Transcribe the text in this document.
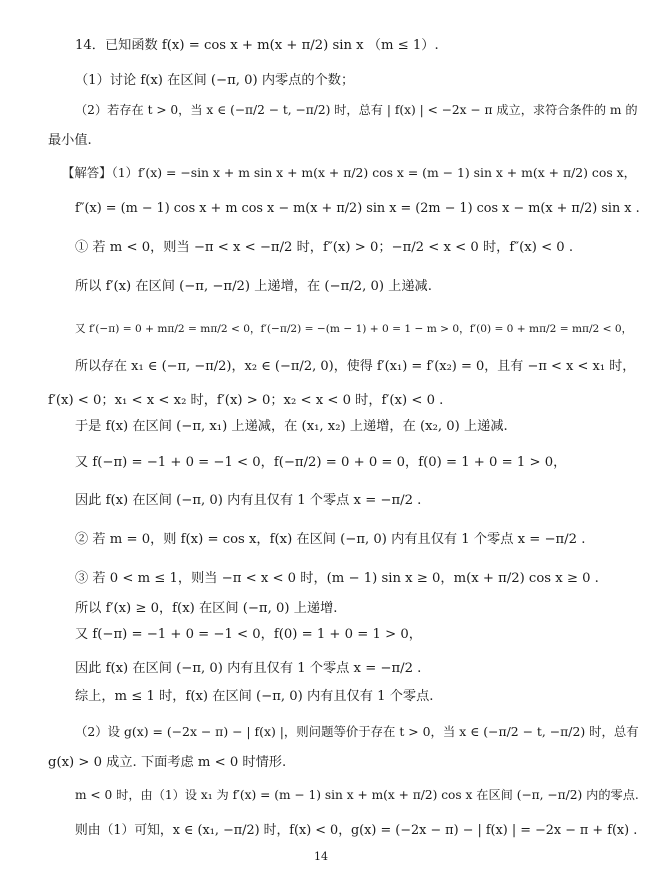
14．已知函数 f(x) = cos x + m(x + π/2) sin x （m ≤ 1）.
（1）讨论 f(x) 在区间 (−π, 0) 内零点的个数；
（2）若存在 t > 0，当 x ∈ (−π/2 − t, −π/2) 时，总有 | f(x) | < −2x − π 成立，求符合条件的 m 的
最小值.
【解答】（1）f′(x) = −sin x + m sin x + m(x + π/2) cos x = (m − 1) sin x + m(x + π/2) cos x，
f″(x) = (m − 1) cos x + m cos x − m(x + π/2) sin x = (2m − 1) cos x − m(x + π/2) sin x .
① 若 m < 0，则当 −π < x < −π/2 时，f″(x) > 0；−π/2 < x < 0 时，f″(x) < 0 .
所以 f′(x) 在区间 (−π, −π/2) 上递增，在 (−π/2, 0) 上递减.
又 f′(−π) = 0 + mπ/2 = mπ/2 < 0，f′(−π/2) = −(m − 1) + 0 = 1 − m > 0，f′(0) = 0 + mπ/2 = mπ/2 < 0，
所以存在 x₁ ∈ (−π, −π/2)，x₂ ∈ (−π/2, 0)，使得 f′(x₁) = f′(x₂) = 0，且有 −π < x < x₁ 时，
f′(x) < 0；x₁ < x < x₂ 时，f′(x) > 0；x₂ < x < 0 时，f′(x) < 0 .
于是 f(x) 在区间 (−π, x₁) 上递减，在 (x₁, x₂) 上递增，在 (x₂, 0) 上递减.
又 f(−π) = −1 + 0 = −1 < 0，f(−π/2) = 0 + 0 = 0，f(0) = 1 + 0 = 1 > 0，
因此 f(x) 在区间 (−π, 0) 内有且仅有 1 个零点 x = −π/2 .
② 若 m = 0，则 f(x) = cos x，f(x) 在区间 (−π, 0) 内有且仅有 1 个零点 x = −π/2 .
③ 若 0 < m ≤ 1，则当 −π < x < 0 时，(m − 1) sin x ≥ 0，m(x + π/2) cos x ≥ 0 .
所以 f′(x) ≥ 0，f(x) 在区间 (−π, 0) 上递增.
又 f(−π) = −1 + 0 = −1 < 0，f(0) = 1 + 0 = 1 > 0，
因此 f(x) 在区间 (−π, 0) 内有且仅有 1 个零点 x = −π/2 .
综上，m ≤ 1 时，f(x) 在区间 (−π, 0) 内有且仅有 1 个零点.
（2）设 g(x) = (−2x − π) − | f(x) |，则问题等价于存在 t > 0，当 x ∈ (−π/2 − t, −π/2) 时，总有
g(x) > 0 成立. 下面考虑 m < 0 时情形.
m < 0 时，由（1）设 x₁ 为 f′(x) = (m − 1) sin x + m(x + π/2) cos x 在区间 (−π, −π/2) 内的零点.
则由（1）可知，x ∈ (x₁, −π/2) 时，f(x) < 0，g(x) = (−2x − π) − | f(x) | = −2x − π + f(x) .
14
